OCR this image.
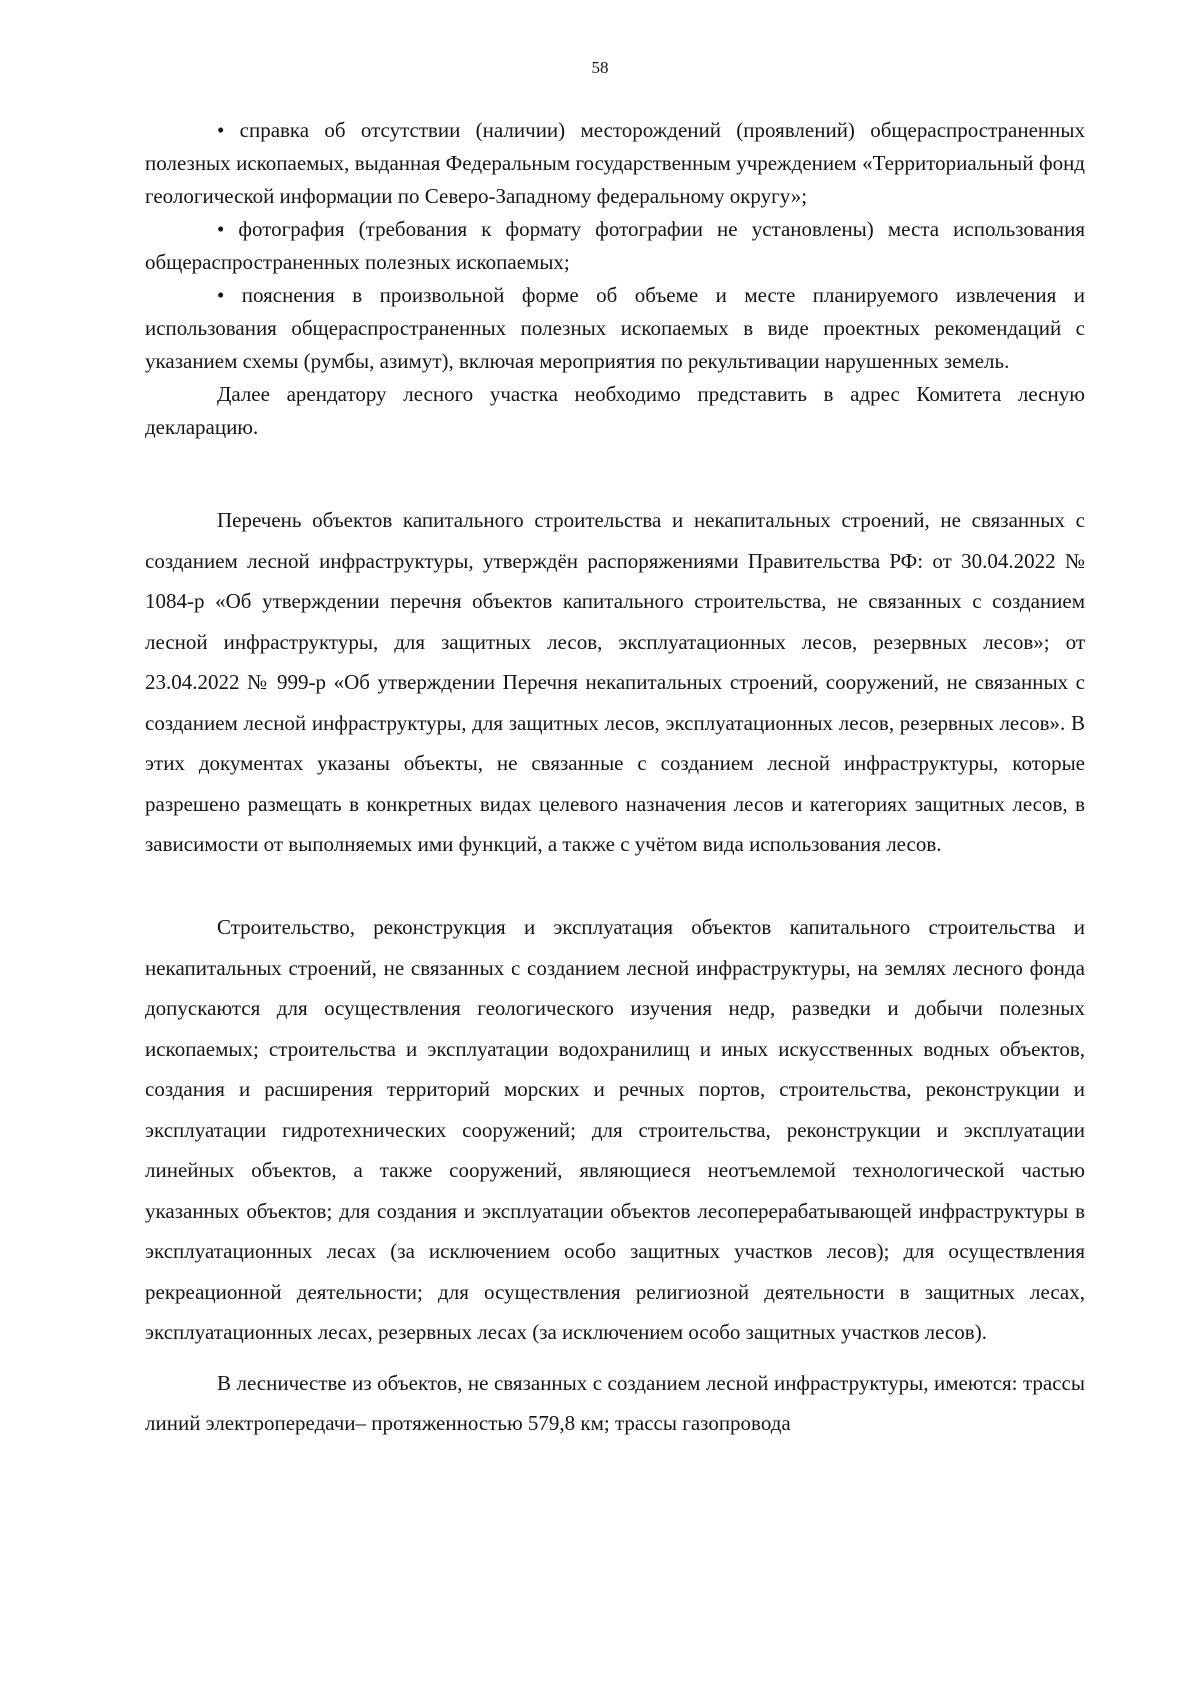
58

• справка об отсутствии (наличии) месторождений (проявлений) общераспространенных полезных ископаемых, выданная Федеральным государственным учреждением «Территориальный фонд геологической информации по Северо-Западному федеральному округу»;

• фотография (требования к формату фотографии не установлены) места использования общераспространенных полезных ископаемых;

• пояснения в произвольной форме об объеме и месте планируемого извлечения и использования общераспространенных полезных ископаемых в виде проектных рекомендаций с указанием схемы (румбы, азимут), включая мероприятия по рекультивации нарушенных земель.

Далее арендатору лесного участка необходимо представить в адрес Комитета лесную декларацию.

Перечень объектов капитального строительства и некапитальных строений, не связанных с созданием лесной инфраструктуры, утверждён распоряжениями Правительства РФ: от 30.04.2022 № 1084-р «Об утверждении перечня объектов капитального строительства, не связанных с созданием лесной инфраструктуры, для защитных лесов, эксплуатационных лесов, резервных лесов»; от 23.04.2022 № 999-р «Об утверждении Перечня некапитальных строений, сооружений, не связанных с созданием лесной инфраструктуры, для защитных лесов, эксплуатационных лесов, резервных лесов». В этих документах указаны объекты, не связанные с созданием лесной инфраструктуры, которые разрешено размещать в конкретных видах целевого назначения лесов и категориях защитных лесов, в зависимости от выполняемых ими функций, а также с учётом вида использования лесов.

Строительство, реконструкция и эксплуатация объектов капитального строительства и некапитальных строений, не связанных с созданием лесной инфраструктуры, на землях лесного фонда допускаются для осуществления геологического изучения недр, разведки и добычи полезных ископаемых; строительства и эксплуатации водохранилищ и иных искусственных водных объектов, создания и расширения территорий морских и речных портов, строительства, реконструкции и эксплуатации гидротехнических сооружений; для строительства, реконструкции и эксплуатации линейных объектов, а также сооружений, являющиеся неотъемлемой технологической частью указанных объектов; для создания и эксплуатации объектов лесоперерабатывающей инфраструктуры в эксплуатационных лесах (за исключением особо защитных участков лесов); для осуществления рекреационной деятельности; для осуществления религиозной деятельности в защитных лесах, эксплуатационных лесах, резервных лесах (за исключением особо защитных участков лесов).

В лесничестве из объектов, не связанных с созданием лесной инфраструктуры, имеются: трассы линий электропередачи– протяженностью 579,8 км; трассы газопровода
